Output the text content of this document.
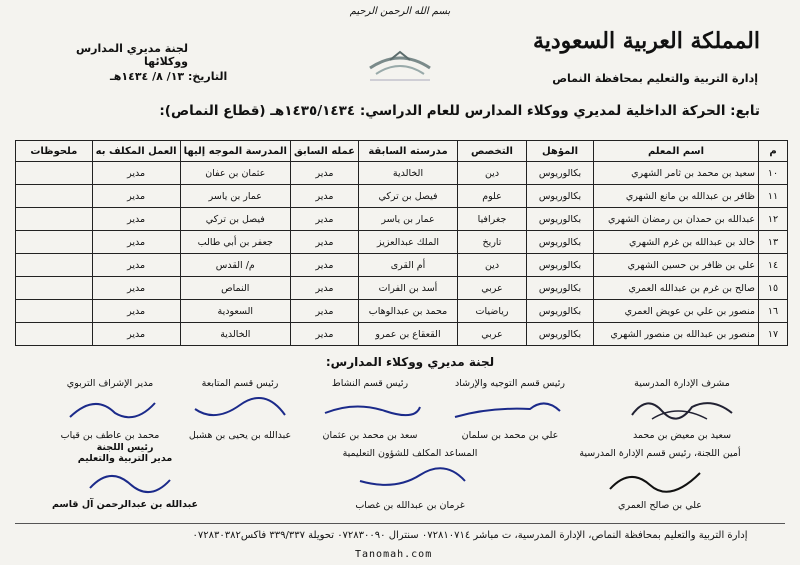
بسم الله الرحمن الرحيم
المملكة العربية السعودية
إدارة التربية والتعليم بمحافظة النماص
لجنة مديري المدارس ووكلائها
التاريخ: ١٣/ ٨/ ١٤٣٤هـ
تابع: الحركة الداخلية لمديري ووكلاء المدارس للعام الدراسي: ١٤٣٥/١٤٣٤هـ (قطاع النماص):
م	اسم المعلم	المؤهل	التخصص	مدرسته السابقة	عمله السابق	المدرسة الموجه إليها	العمل المكلف به	ملحوظات
١٠	سعيد بن محمد بن ثامر الشهري	بكالوريوس	دين	الخالدية	مدير	عثمان بن عفان	مدير	
١١	ظافر بن عبدالله بن مانع الشهري	بكالوريوس	علوم	فيصل بن تركي	مدير	عمار بن ياسر	مدير	
١٢	عبدالله بن حمدان بن رمضان الشهري	بكالوريوس	جغرافيا	عمار بن ياسر	مدير	فيصل بن تركي	مدير	
١٣	خالد بن عبدالله بن غرم الشهري	بكالوريوس	تاريخ	الملك عبدالعزيز	مدير	جعفر بن أبي طالب	مدير	
١٤	علي بن ظافر بن حسين الشهري	بكالوريوس	دين	أم القرى	مدير	م/ القدس	مدير	
١٥	صالح بن غرم بن عبدالله العمري	بكالوريوس	عربي	أسد بن الفرات	مدير	النماص	مدير	
١٦	منصور بن علي بن عويض العمري	بكالوريوس	رياضيات	محمد بن عبدالوهاب	مدير	السعودية	مدير	
١٧	منصور بن عبدالله بن منصور الشهري	بكالوريوس	عربي	القعقاع بن عمرو	مدير	الخالدية	مدير	
لجنة مديري ووكلاء المدارس:
مشرف الإدارة المدرسية
سعيد بن معيض بن محمد
رئيس قسم التوجيه والإرشاد
علي بن محمد بن سلمان
رئيس قسم النشاط
سعد بن محمد بن عثمان
رئيس قسم المتابعة
عبدالله بن يحيى بن هشبل
مدير الإشراف التربوي
محمد بن عاطف بن قياب
أمين اللجنة، رئيس قسم الإدارة المدرسية
علي بن صالح العمري
المساعد المكلف للشؤون التعليمية
غرمان بن عبدالله بن غصاب
رئيس اللجنة
مدير التربية والتعليم
عبدالله بن عبدالرحمن آل قاسم
إدارة التربية والتعليم بمحافظة النماص، الإدارة المدرسية، ت مباشر ٠٧٢٨١٠٧١٤ سنترال ٠٧٢٨٣٠٠٩٠ تحويلة ٣٣٩/٣٣٧ فاكس٠٧٢٨٣٠٣٨٢
Tanomah.com
